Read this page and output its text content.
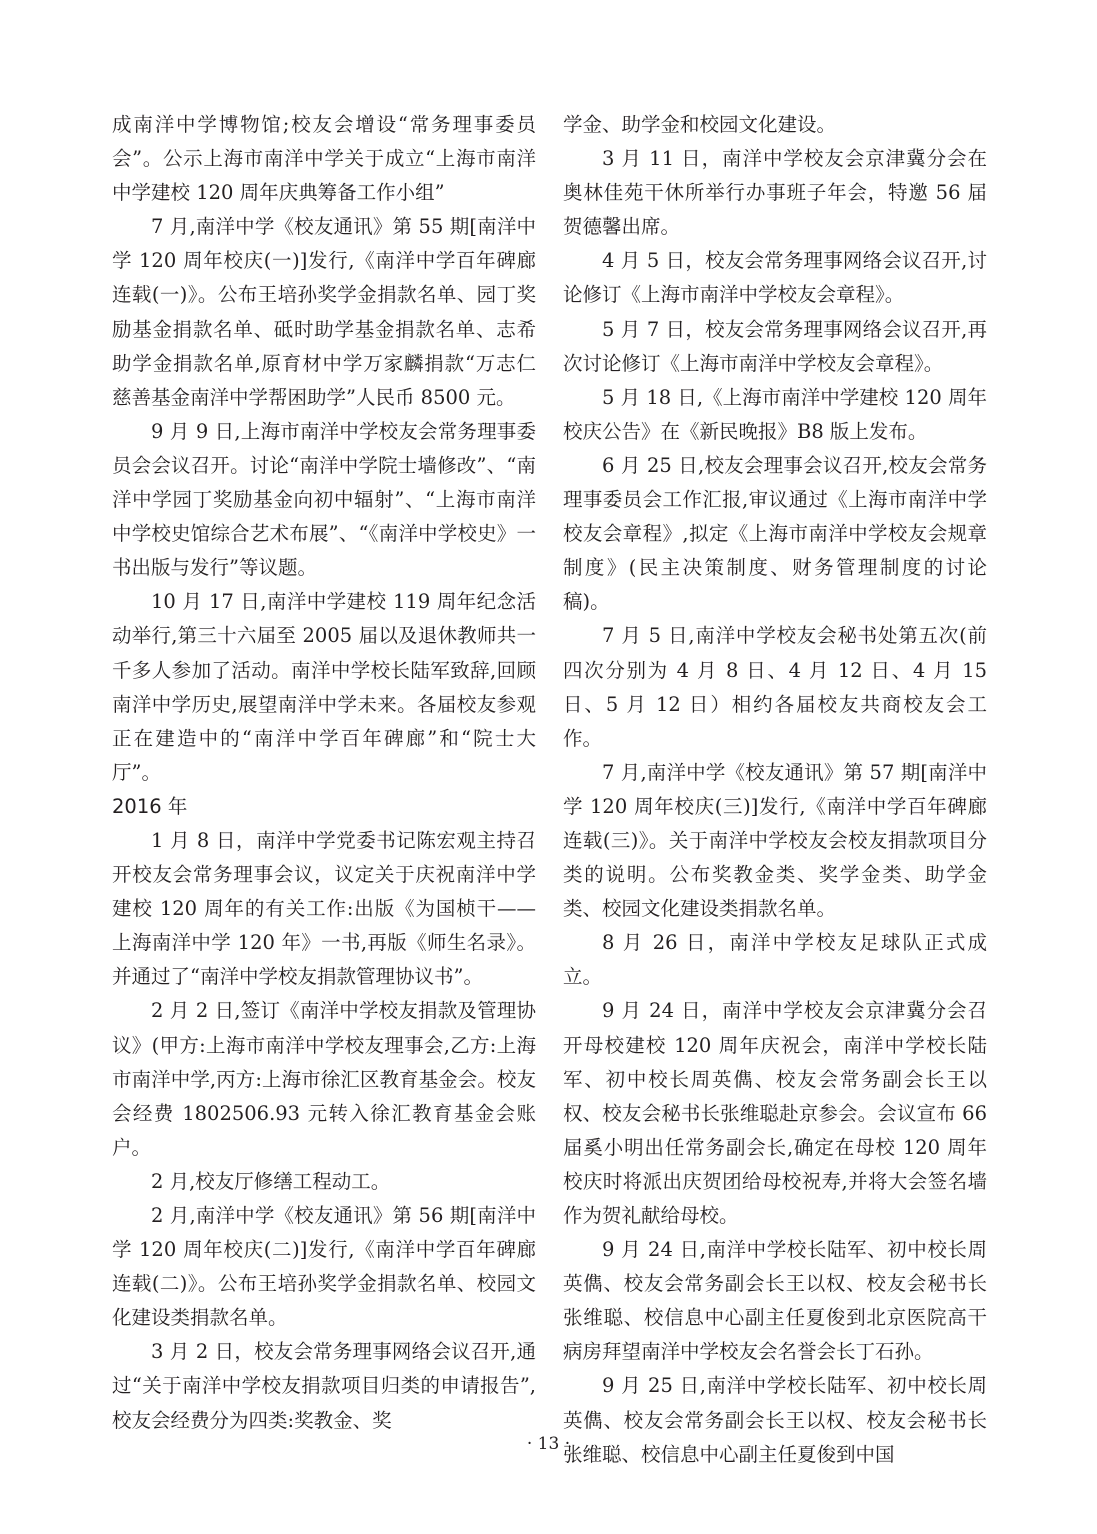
成南洋中学博物馆;校友会增设“常务理事委员会”。公示上海市南洋中学关于成立“上海市南洋中学建校 120 周年庆典筹备工作小组”

7 月,南洋中学《校友通讯》第 55 期[南洋中学 120 周年校庆(一)]发行,《南洋中学百年碑廊连载(一)》。公布王培孙奖学金捐款名单、园丁奖励基金捐款名单、砥时助学基金捐款名单、志希助学金捐款名单,原育材中学万家麟捐款“万志仁慈善基金南洋中学帮困助学”人民币 8500 元。

9 月 9 日,上海市南洋中学校友会常务理事委员会会议召开。讨论“南洋中学院士墙修改”、“南洋中学园丁奖励基金向初中辐射”、“上海市南洋中学校史馆综合艺术布展”、“《南洋中学校史》一书出版与发行”等议题。

10 月 17 日,南洋中学建校 119 周年纪念活动举行,第三十六届至 2005 届以及退休教师共一千多人参加了活动。南洋中学校长陆军致辞,回顾南洋中学历史,展望南洋中学未来。各届校友参观正在建造中的“南洋中学百年碑廊”和“院士大厅”。

2016 年

1 月 8 日，南洋中学党委书记陈宏观主持召开校友会常务理事会议，议定关于庆祝南洋中学建校 120 周年的有关工作:出版《为国桢干——上海南洋中学 120 年》一书,再版《师生名录》。并通过了“南洋中学校友捐款管理协议书”。

2 月 2 日,签订《南洋中学校友捐款及管理协议》(甲方:上海市南洋中学校友理事会,乙方:上海市南洋中学,丙方:上海市徐汇区教育基金会。校友会经费 1802506.93 元转入徐汇教育基金会账户。

2 月,校友厅修缮工程动工。

2 月,南洋中学《校友通讯》第 56 期[南洋中学 120 周年校庆(二)]发行,《南洋中学百年碑廊连载(二)》。公布王培孙奖学金捐款名单、校园文化建设类捐款名单。

3 月 2 日，校友会常务理事网络会议召开,通过“关于南洋中学校友捐款项目归类的申请报告”,校友会经费分为四类:奖教金、奖

学金、助学金和校园文化建设。

3 月 11 日，南洋中学校友会京津冀分会在奥林佳苑干休所举行办事班子年会，特邀 56 届贺德馨出席。

4 月 5 日，校友会常务理事网络会议召开,讨论修订《上海市南洋中学校友会章程》。

5 月 7 日，校友会常务理事网络会议召开,再次讨论修订《上海市南洋中学校友会章程》。

5 月 18 日,《上海市南洋中学建校 120 周年校庆公告》在《新民晚报》B8 版上发布。

6 月 25 日,校友会理事会议召开,校友会常务理事委员会工作汇报,审议通过《上海市南洋中学校友会章程》,拟定《上海市南洋中学校友会规章制度》(民主决策制度、财务管理制度的讨论稿)。

7 月 5 日,南洋中学校友会秘书处第五次(前四次分别为 4 月 8 日、4 月 12 日、4 月 15 日、5 月 12 日）相约各届校友共商校友会工作。

7 月,南洋中学《校友通讯》第 57 期[南洋中学 120 周年校庆(三)]发行,《南洋中学百年碑廊连载(三)》。关于南洋中学校友会校友捐款项目分类的说明。公布奖教金类、奖学金类、助学金类、校园文化建设类捐款名单。

8 月 26 日，南洋中学校友足球队正式成立。

9 月 24 日，南洋中学校友会京津冀分会召开母校建校 120 周年庆祝会，南洋中学校长陆军、初中校长周英儁、校友会常务副会长王以权、校友会秘书长张维聪赴京参会。会议宣布 66 届奚小明出任常务副会长,确定在母校 120 周年校庆时将派出庆贺团给母校祝寿,并将大会签名墙作为贺礼献给母校。

9 月 24 日,南洋中学校长陆军、初中校长周英儁、校友会常务副会长王以权、校友会秘书长张维聪、校信息中心副主任夏俊到北京医院高干病房拜望南洋中学校友会名誉会长丁石孙。

9 月 25 日,南洋中学校长陆军、初中校长周英儁、校友会常务副会长王以权、校友会秘书长张维聪、校信息中心副主任夏俊到中国

· 13 ·
